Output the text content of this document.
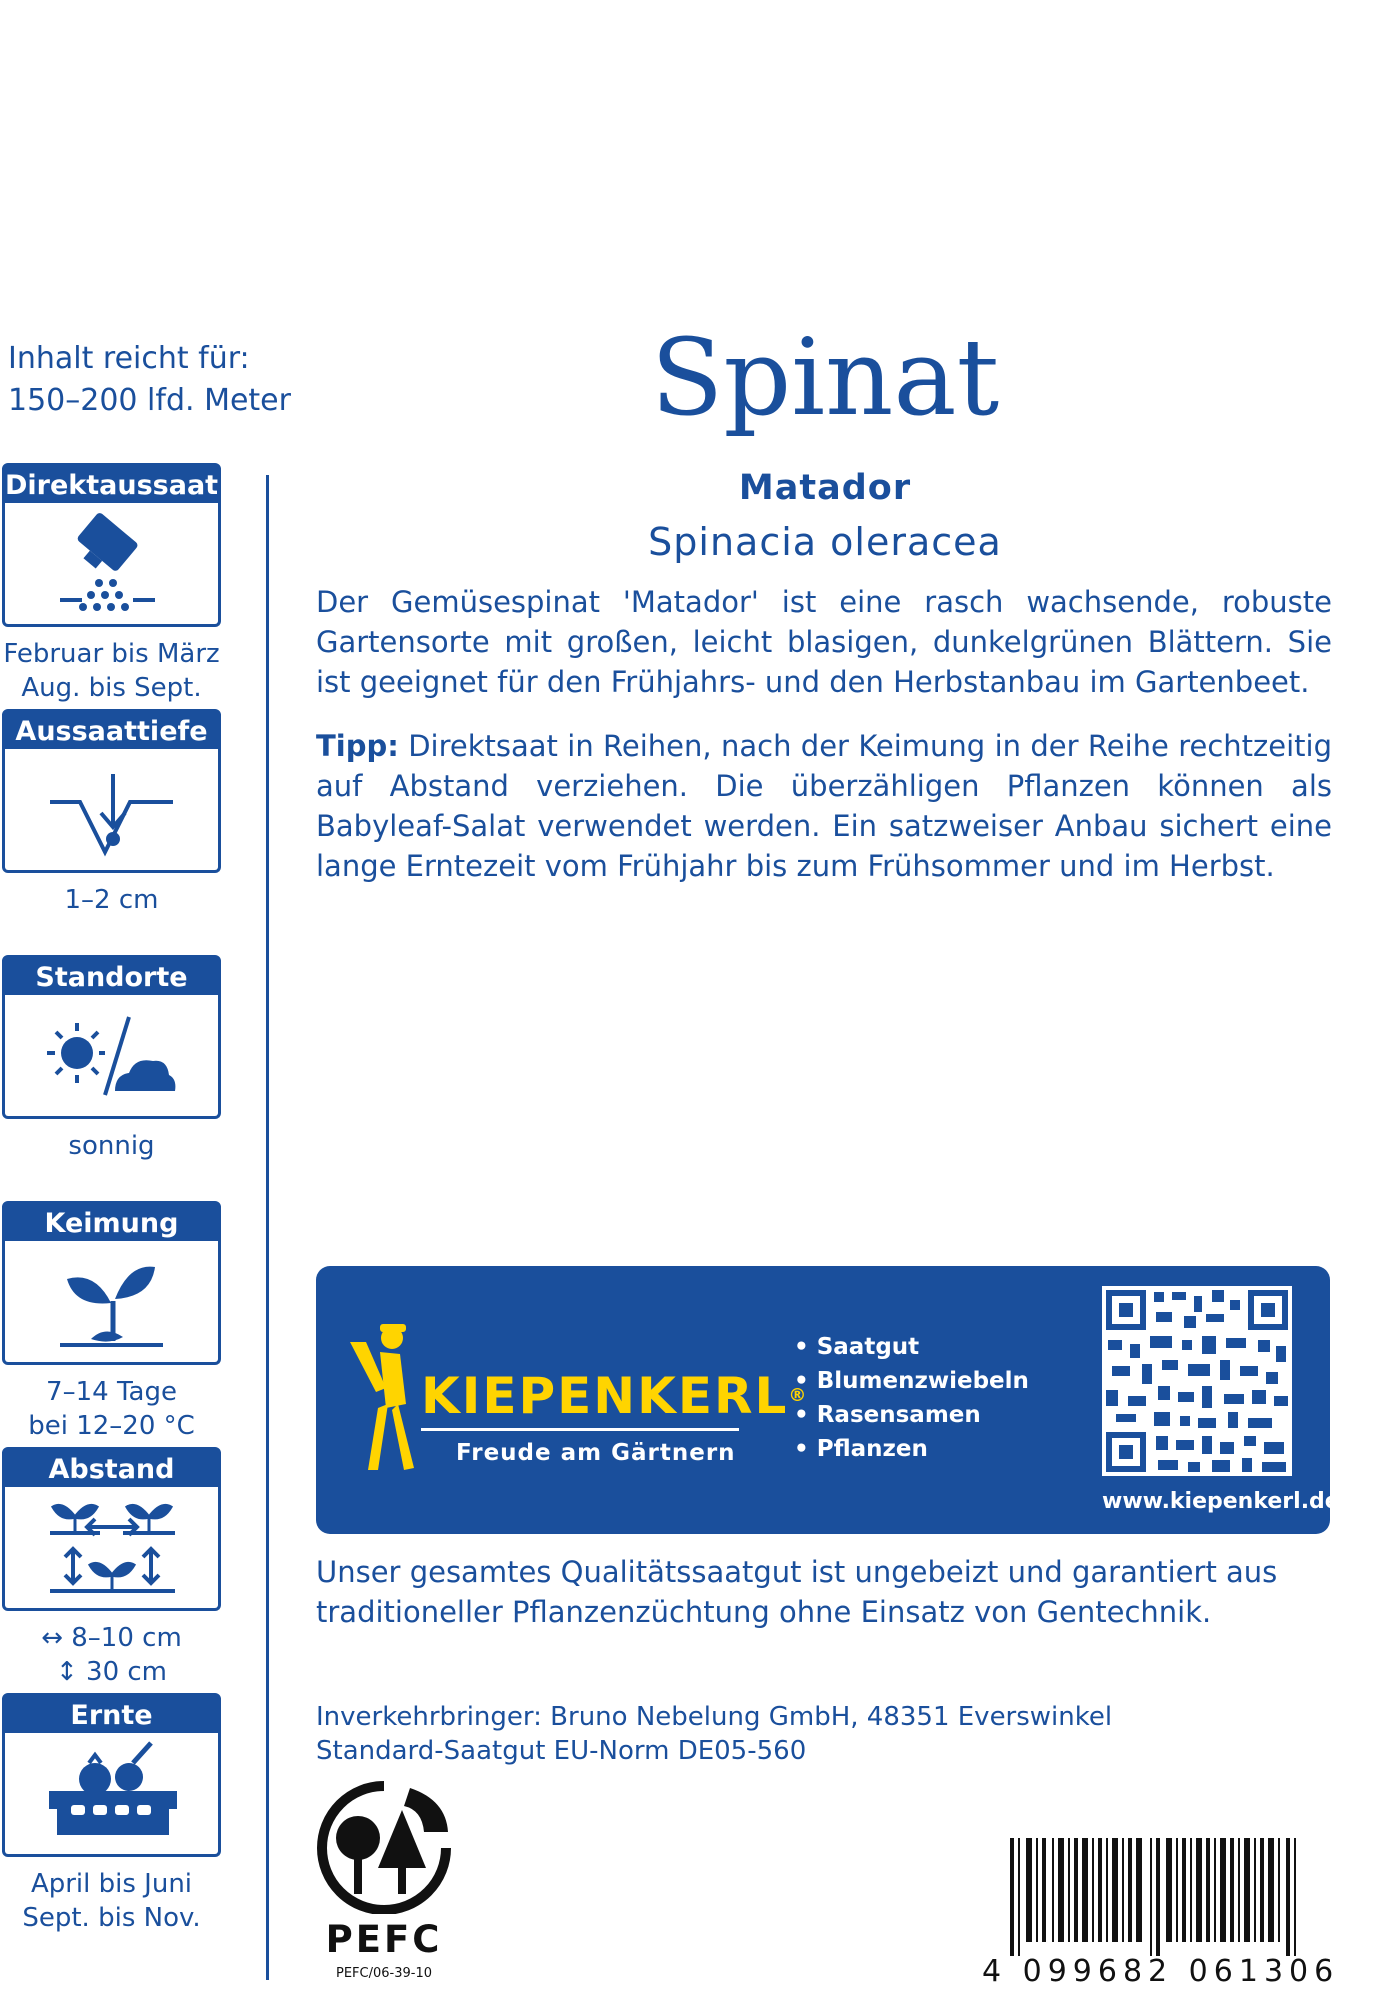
Inhalt reicht für:
150–200 lfd. Meter
Direktaussaat
Februar bis März
Aug. bis Sept.
Aussaattiefe
1–2 cm
Standorte
sonnig
Keimung
7–14 Tage
bei 12–20 °C
Abstand
↔ 8–10 cm
↕ 30 cm
Ernte
April bis Juni
Sept. bis Nov.
Spinat
Matador
Spinacia oleracea
Der Gemüsespinat 'Matador' ist eine rasch wachsende, robuste Gartensorte mit großen, leicht blasigen, dunkelgrünen Blättern. Sie ist geeignet für den Frühjahrs- und den Herbstanbau im Gartenbeet.
Tipp: Direktsaat in Reihen, nach der Keimung in der Reihe rechtzeitig auf Abstand verziehen. Die überzähligen Pflanzen können als Babyleaf-Salat verwendet werden. Ein satzweiser Anbau sichert eine lange Erntezeit vom Frühjahr bis zum Frühsommer und im Herbst.
KIEPENKERL®
Freude am Gärtnern
• Saatgut
• Blumenzwiebeln
• Rasensamen
• Pflanzen
www.kiepenkerl.de
Unser gesamtes Qualitätssaatgut ist ungebeizt und garantiert aus traditioneller Pflanzenzüchtung ohne Einsatz von Gentechnik.
Inverkehrbringer: Bruno Nebelung GmbH, 48351 Everswinkel
Standard-Saatgut EU-Norm DE05-560
PEFC
PEFC/06-39-10	4 099682 061306
